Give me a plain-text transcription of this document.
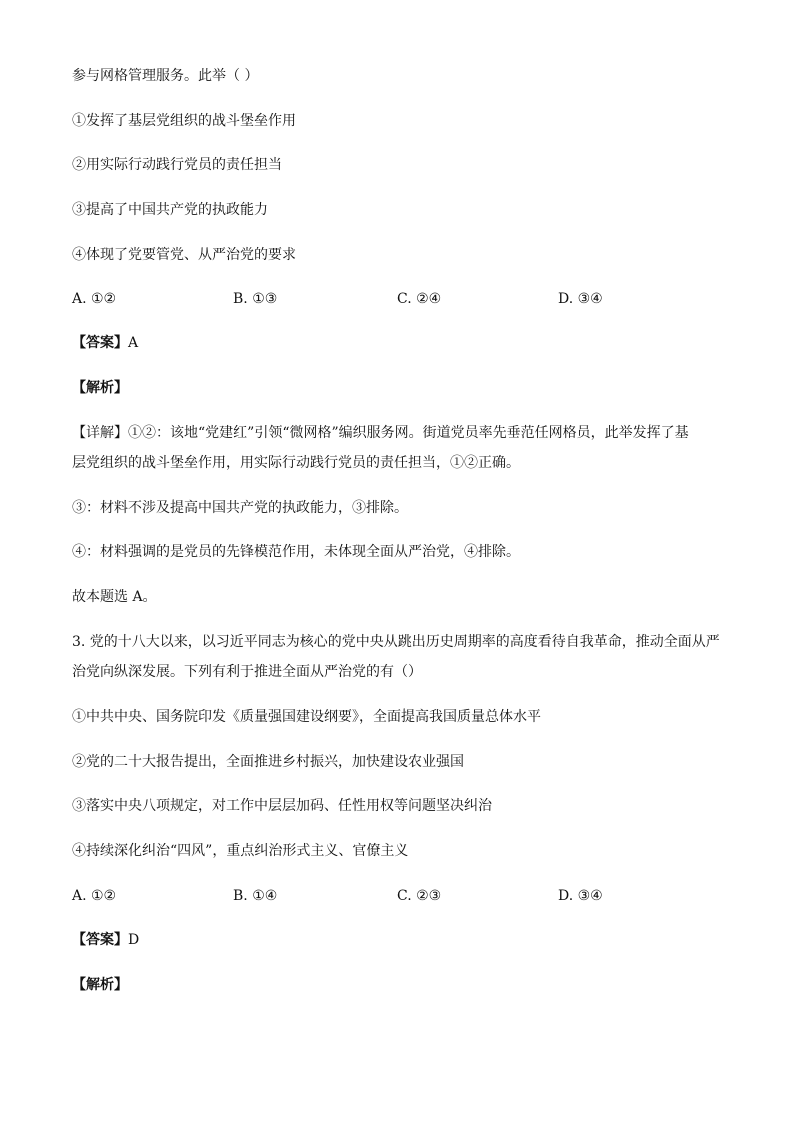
参与网格管理服务。此举（ ）
①发挥了基层党组织的战斗堡垒作用
②用实际行动践行党员的责任担当
③提高了中国共产党的执政能力
④体现了党要管党、从严治党的要求
A. ①②	B. ①③	C. ②④	D. ③④
【答案】A
【解析】
【详解】①②：该地“党建红”引领“微网格”编织服务网。街道党员率先垂范任网格员，此举发挥了基
层党组织的战斗堡垒作用，用实际行动践行党员的责任担当，①②正确。
③：材料不涉及提高中国共产党的执政能力，③排除。
④：材料强调的是党员的先锋模范作用，未体现全面从严治党，④排除。
故本题选 A。
3. 党的十八大以来，以习近平同志为核心的党中央从跳出历史周期率的高度看待自我革命，推动全面从严
治党向纵深发展。下列有利于推进全面从严治党的有（）
①中共中央、国务院印发《质量强国建设纲要》，全面提高我国质量总体水平
②党的二十大报告提出，全面推进乡村振兴，加快建设农业强国
③落实中央八项规定，对工作中层层加码、任性用权等问题坚决纠治
④持续深化纠治“四风”，重点纠治形式主义、官僚主义
A. ①②	B. ①④	C. ②③	D. ③④
【答案】D
【解析】
